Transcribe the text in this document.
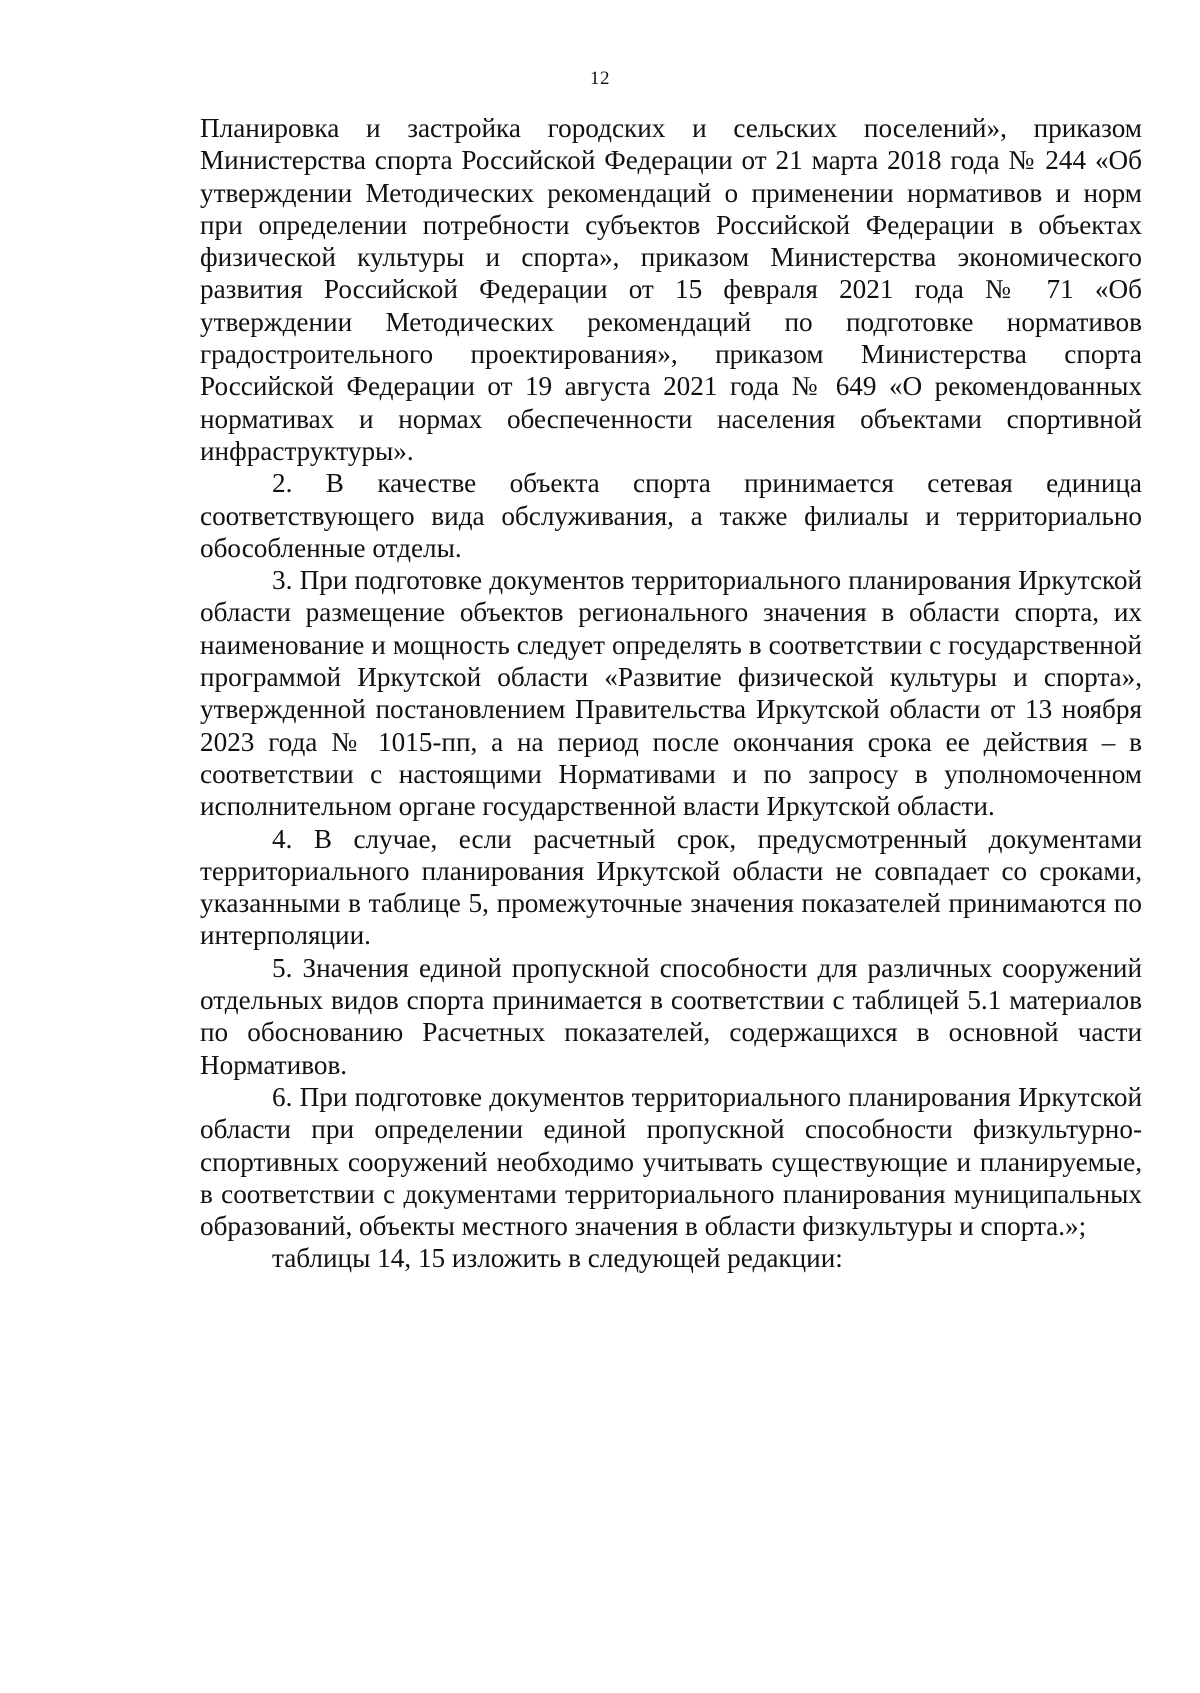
12

Планировка и застройка городских и сельских поселений», приказом Министерства спорта Российской Федерации от 21 марта 2018 года № 244 «Об утверждении Методических рекомендаций о применении нормативов и норм при определении потребности субъектов Российской Федерации в объектах физической культуры и спорта», приказом Министерства экономического развития Российской Федерации от 15 февраля 2021 года № 71 «Об утверждении Методических рекомендаций по подготовке нормативов градостроительного проектирования», приказом Министерства спорта Российской Федерации от 19 августа 2021 года № 649 «О рекомендованных нормативах и нормах обеспеченности населения объектами спортивной инфраструктуры».

2. В качестве объекта спорта принимается сетевая единица соответствующего вида обслуживания, а также филиалы и территориально обособленные отделы.

3. При подготовке документов территориального планирования Иркутской области размещение объектов регионального значения в области спорта, их наименование и мощность следует определять в соответствии с государственной программой Иркутской области «Развитие физической культуры и спорта», утвержденной постановлением Правительства Иркутской области от 13 ноября 2023 года № 1015-пп, а на период после окончания срока ее действия – в соответствии с настоящими Нормативами и по запросу в уполномоченном исполнительном органе государственной власти Иркутской области.

4. В случае, если расчетный срок, предусмотренный документами территориального планирования Иркутской области не совпадает со сроками, указанными в таблице 5, промежуточные значения показателей принимаются по интерполяции.

5. Значения единой пропускной способности для различных сооружений отдельных видов спорта принимается в соответствии с таблицей 5.1 материалов по обоснованию Расчетных показателей, содержащихся в основной части Нормативов.

6. При подготовке документов территориального планирования Иркутской области при определении единой пропускной способности физкультурно-спортивных сооружений необходимо учитывать существующие и планируемые, в соответствии с документами территориального планирования муниципальных образований, объекты местного значения в области физкультуры и спорта.»;

таблицы 14, 15 изложить в следующей редакции:
